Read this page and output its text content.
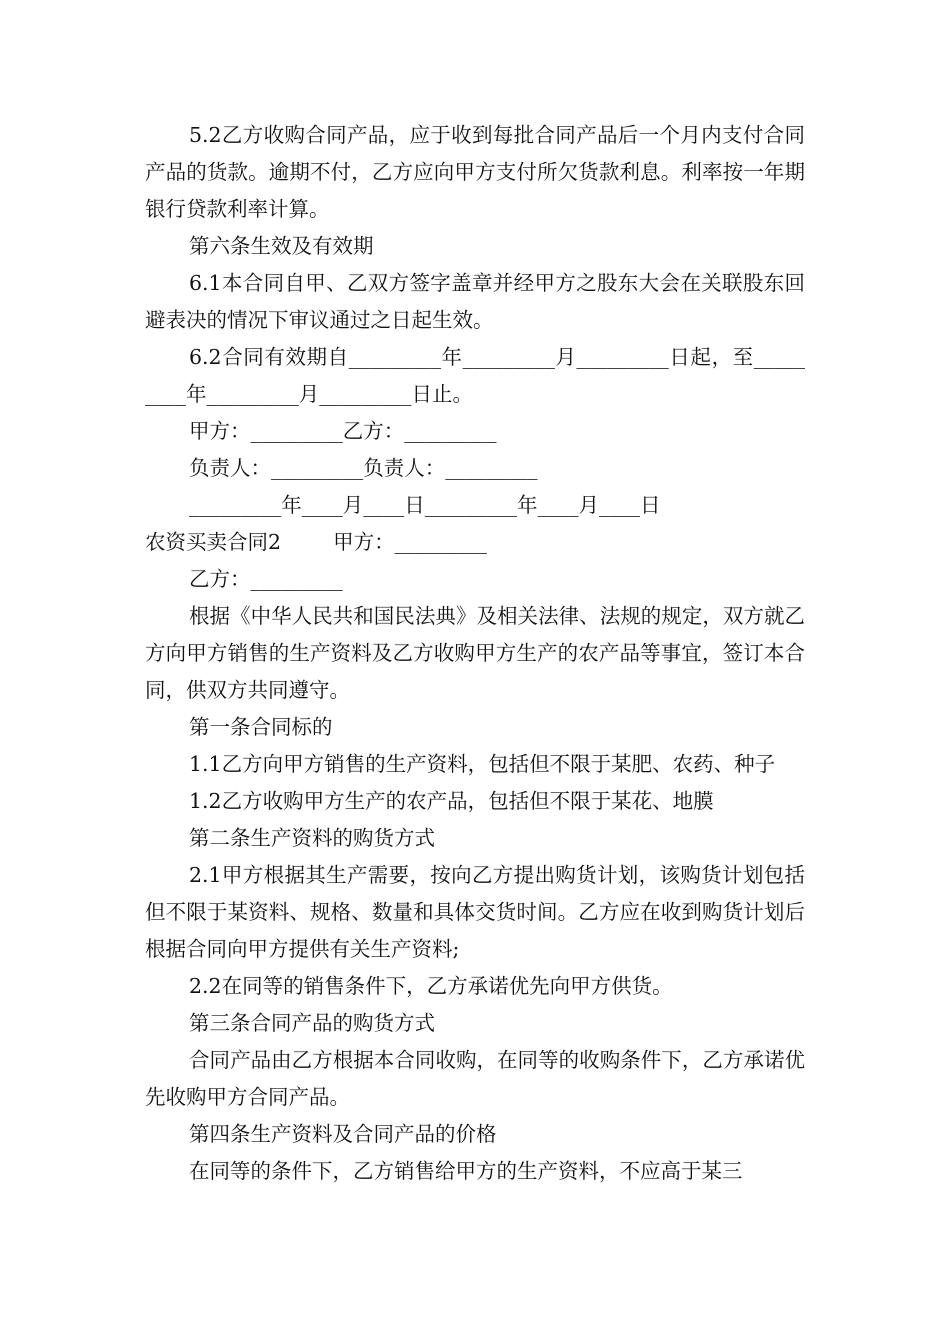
5.2乙方收购合同产品，应于收到每批合同产品后一个月内支付合同产品的货款。逾期不付，乙方应向甲方支付所欠货款利息。利率按一年期银行贷款利率计算。

第六条生效及有效期

6.1本合同自甲、乙双方签字盖章并经甲方之股东大会在关联股东回避表决的情况下审议通过之日起生效。

6.2合同有效期自_________年_________月_________日起，至_________年_________月_________日止。

甲方：_________乙方：_________

负责人：_________负责人：_________

_________年____月____日_________年____月____日

农资买卖合同2        甲方：_________

乙方：_________

根据《中华人民共和国民法典》及相关法律、法规的规定，双方就乙方向甲方销售的生产资料及乙方收购甲方生产的农产品等事宜，签订本合同，供双方共同遵守。

第一条合同标的

1.1乙方向甲方销售的生产资料，包括但不限于某肥、农药、种子

1.2乙方收购甲方生产的农产品，包括但不限于某花、地膜

第二条生产资料的购货方式

2.1甲方根据其生产需要，按向乙方提出购货计划，该购货计划包括但不限于某资料、规格、数量和具体交货时间。乙方应在收到购货计划后根据合同向甲方提供有关生产资料;

2.2在同等的销售条件下，乙方承诺优先向甲方供货。

第三条合同产品的购货方式

合同产品由乙方根据本合同收购，在同等的收购条件下，乙方承诺优先收购甲方合同产品。

第四条生产资料及合同产品的价格

在同等的条件下，乙方销售给甲方的生产资料，不应高于某三
